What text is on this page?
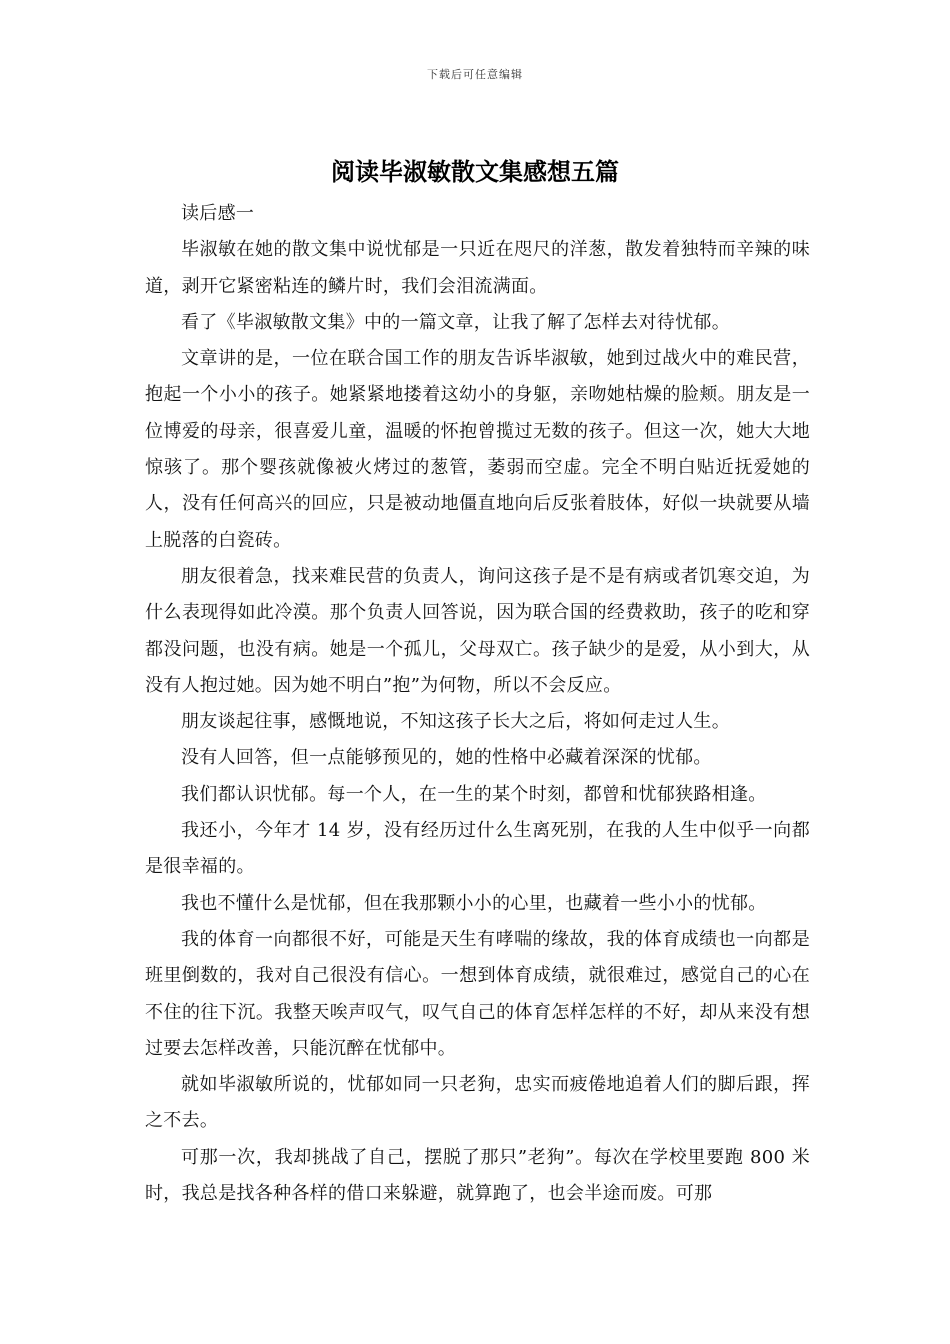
下载后可任意编辑
阅读毕淑敏散文集感想五篇

读后感一

毕淑敏在她的散文集中说忧郁是一只近在咫尺的洋葱，散发着独特而辛辣的味道，剥开它紧密粘连的鳞片时，我们会泪流满面。

看了《毕淑敏散文集》中的一篇文章，让我了解了怎样去对待忧郁。

文章讲的是，一位在联合国工作的朋友告诉毕淑敏，她到过战火中的难民营，抱起一个小小的孩子。她紧紧地搂着这幼小的身躯，亲吻她枯燥的脸颊。朋友是一位博爱的母亲，很喜爱儿童，温暖的怀抱曾揽过无数的孩子。但这一次，她大大地惊骇了。那个婴孩就像被火烤过的葱管，萎弱而空虚。完全不明白贴近抚爱她的人，没有任何高兴的回应，只是被动地僵直地向后反张着肢体，好似一块就要从墙上脱落的白瓷砖。

朋友很着急，找来难民营的负责人，询问这孩子是不是有病或者饥寒交迫，为什么表现得如此冷漠。那个负责人回答说，因为联合国的经费救助，孩子的吃和穿都没问题，也没有病。她是一个孤儿，父母双亡。孩子缺少的是爱，从小到大，从没有人抱过她。因为她不明白”抱”为何物，所以不会反应。

朋友谈起往事，感慨地说，不知这孩子长大之后，将如何走过人生。

没有人回答，但一点能够预见的，她的性格中必藏着深深的忧郁。

我们都认识忧郁。每一个人，在一生的某个时刻，都曾和忧郁狭路相逢。

我还小，今年才 14 岁，没有经历过什么生离死别，在我的人生中似乎一向都是很幸福的。

我也不懂什么是忧郁，但在我那颗小小的心里，也藏着一些小小的忧郁。

我的体育一向都很不好，可能是天生有哮喘的缘故，我的体育成绩也一向都是班里倒数的，我对自己很没有信心。一想到体育成绩，就很难过，感觉自己的心在不住的往下沉。我整天唉声叹气，叹气自己的体育怎样怎样的不好，却从来没有想过要去怎样改善，只能沉醉在忧郁中。

就如毕淑敏所说的，忧郁如同一只老狗，忠实而疲倦地追着人们的脚后跟，挥之不去。

可那一次，我却挑战了自己，摆脱了那只”老狗”。每次在学校里要跑 800 米时，我总是找各种各样的借口来躲避，就算跑了，也会半途而废。可那
